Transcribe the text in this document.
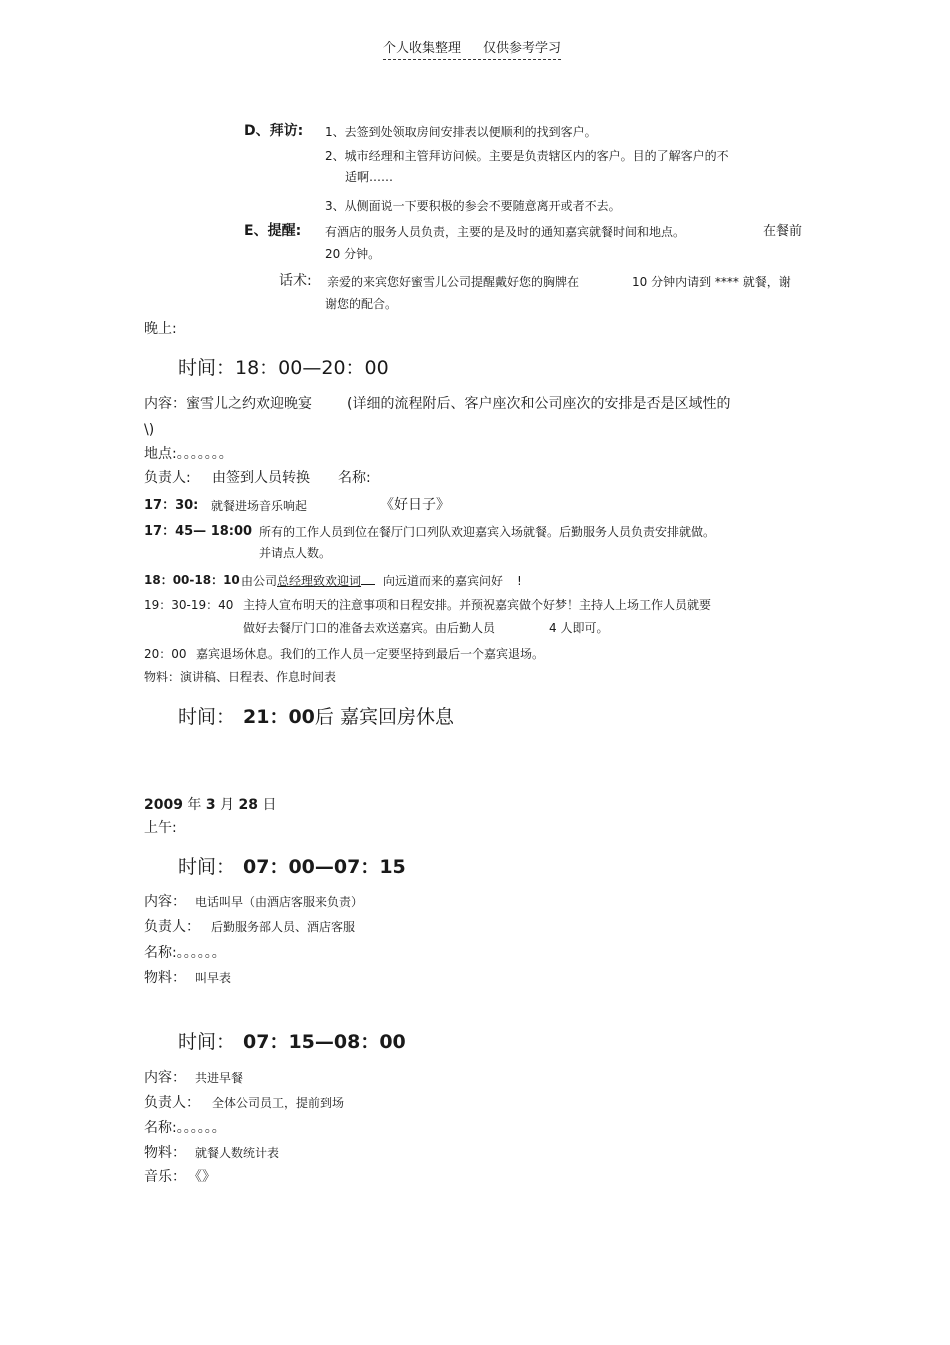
个人收集整理 仅供参考学习
D、拜访: 1、去签到处领取房间安排表以便顺利的找到客户。
2、城市经理和主管拜访问候。主要是负责辖区内的客户。目的了解客户的不
适啊……
3、从侧面说一下要积极的参会不要随意离开或者不去。
E、提醒: 有酒店的服务人员负责，主要的是及时的通知嘉宾就餐时间和地点。	在餐前
20 分钟。
话术: 亲爱的来宾您好蜜雪儿公司提醒戴好您的胸牌在	10 分钟内请到 **** 就餐，谢
谢您的配合。
晚上:
时间：18：00—20：00
内容：蜜雪儿之约欢迎晚宴	(详细的流程附后、客户座次和公司座次的安排是否是区域性的
\)
地点:。。。。。。。
负责人: 由签到人员转换 名称:
17：30: 就餐进场音乐响起	《好日子》
17：45— 18:00 所有的工作人员到位在餐厅门口列队欢迎嘉宾入场就餐。后勤服务人员负责安排就做。
并请点人数。
18：00-18：10 由公司总经理致欢迎词 向远道而来的嘉宾问好 !
19：30-19：40 主持人宣布明天的注意事项和日程安排。并预祝嘉宾做个好梦！主持人上场工作人员就要
做好去餐厅门口的准备去欢送嘉宾。由后勤人员	4 人即可。
20：00 嘉宾退场休息。我们的工作人员一定要坚持到最后一个嘉宾退场。
物料：演讲稿、日程表、作息时间表
时间： 21：00后 嘉宾回房休息
2009 年 3 月 28 日
上午:
时间： 07：00—07：15
内容： 电话叫早（由酒店客服来负责）
负责人： 后勤服务部人员、酒店客服
名称:。。。。。。
物料： 叫早表
时间： 07：15—08：00
内容： 共进早餐
负责人： 全体公司员工，提前到场
名称:。。。。。。
物料： 就餐人数统计表
音乐： 《》
